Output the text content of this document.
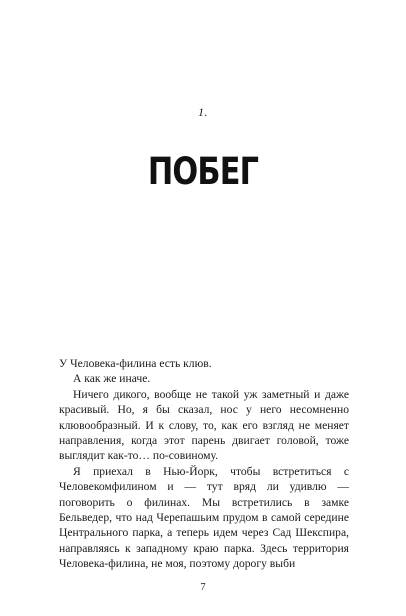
1.
ПОБЕГ

У Человека-филина есть клюв.

А как же иначе.

Ничего дикого, вообще не такой уж заметный и даже красивый. Но, я бы сказал, нос у него несомненно клювообразный. И к слову, то, как его взгляд не меняет направления, когда этот парень двигает головой, тоже выглядит как-то… по-совиному.

Я приехал в Нью-Йорк, чтобы встретиться с Человекомфилином и — тут вряд ли удивлю — поговорить о филинах. Мы встретились в замке Бельведер, что над Черепашьим прудом в самой середине Центрального парка, а теперь идем через Сад Шекспира, направляясь к западному краю парка. Здесь территория Человека-филина, не моя, поэтому дорогу выби

7
